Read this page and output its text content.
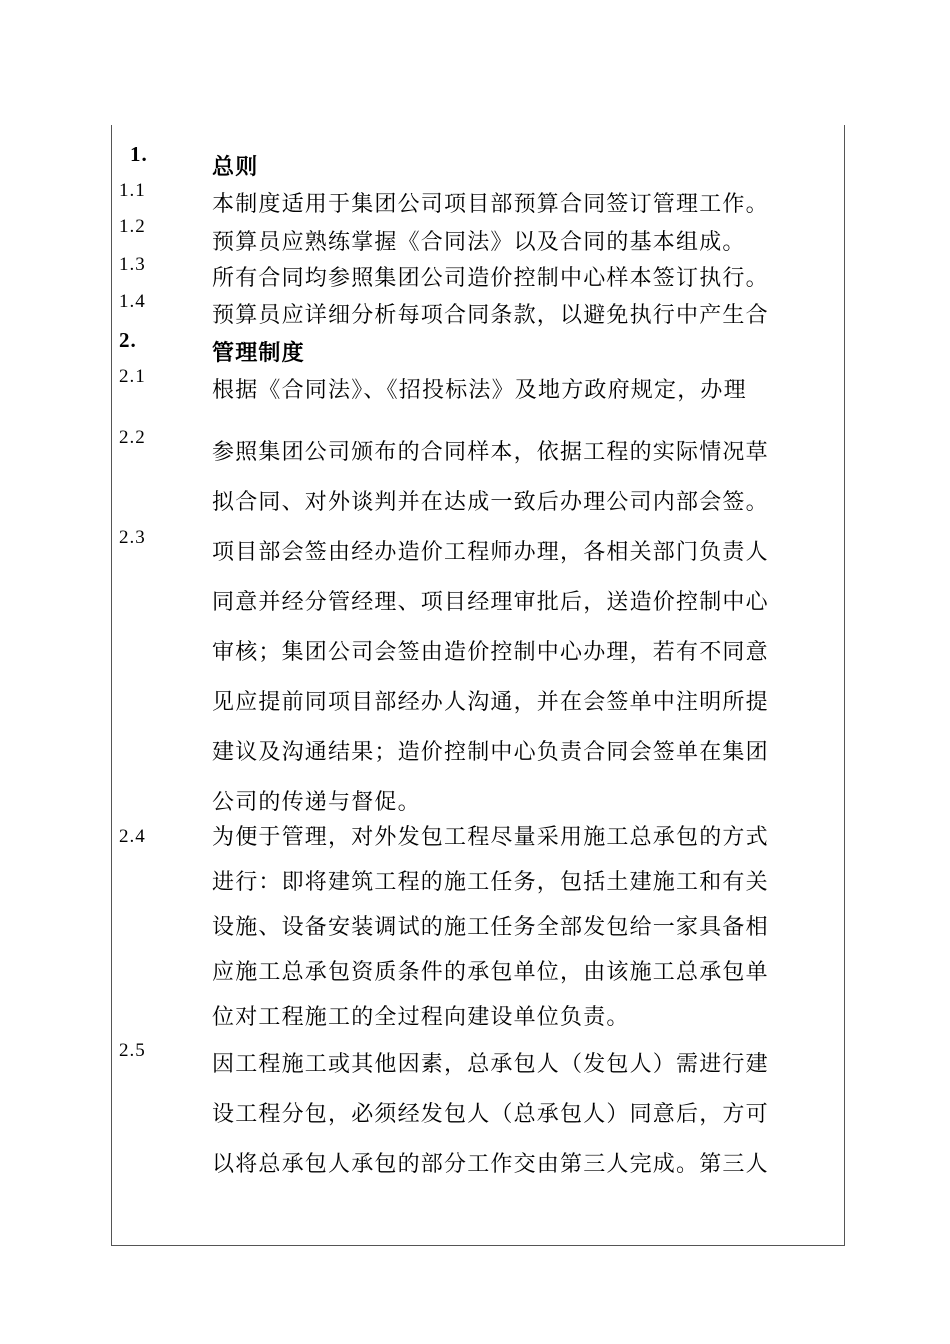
1.	总则
1.1
本制度适用于集团公司项目部预算合同签订管理工作。
1.2
预算员应熟练掌握《合同法》以及合同的基本组成。
1.3
所有合同均参照集团公司造价控制中心样本签订执行。
1.4
预算员应详细分析每项合同条款，以避免执行中产生合
2.	管理制度
2.1
根据《合同法》、《招投标法》及地方政府规定，办理
2.2
参照集团公司颁布的合同样本，依据工程的实际情况草
拟合同、对外谈判并在达成一致后办理公司内部会签。
2.3
项目部会签由经办造价工程师办理，各相关部门负责人
同意并经分管经理、项目经理审批后，送造价控制中心
审核；集团公司会签由造价控制中心办理，若有不同意
见应提前同项目部经办人沟通，并在会签单中注明所提
建议及沟通结果；造价控制中心负责合同会签单在集团
公司的传递与督促。
2.4	为便于管理，对外发包工程尽量采用施工总承包的方式
进行：即将建筑工程的施工任务，包括土建施工和有关
设施、设备安装调试的施工任务全部发包给一家具备相
应施工总承包资质条件的承包单位，由该施工总承包单
位对工程施工的全过程向建设单位负责。
2.5
因工程施工或其他因素，总承包人（发包人）需进行建
设工程分包，必须经发包人（总承包人）同意后，方可
以将总承包人承包的部分工作交由第三人完成。第三人
